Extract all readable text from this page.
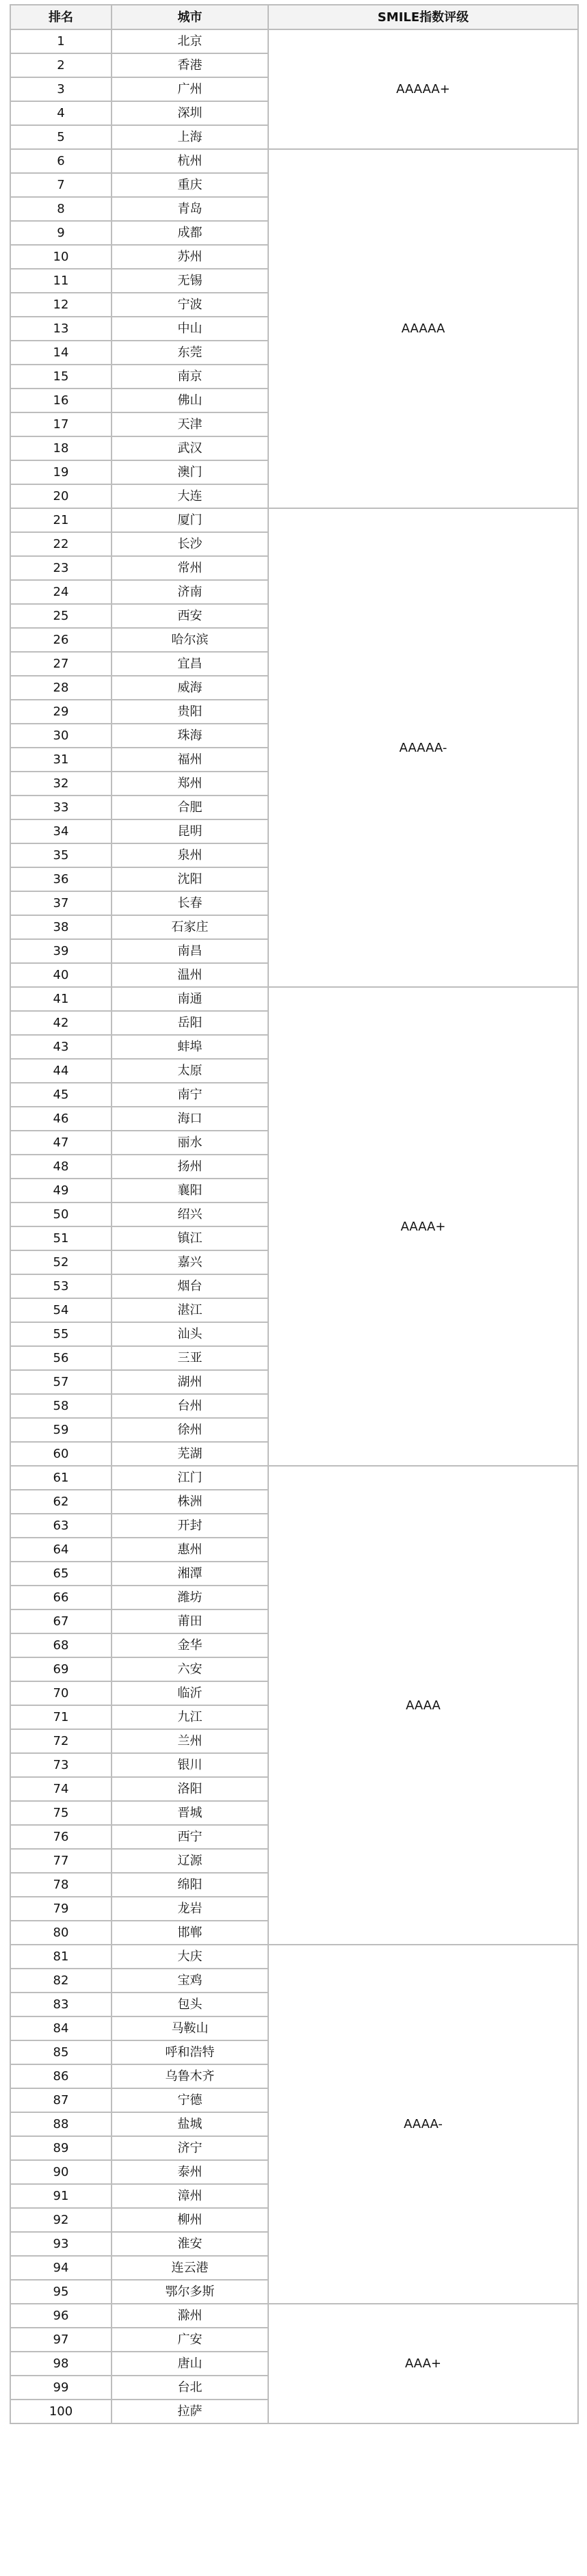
排名	城市	SMILE指数评级
1	北京	AAAAA+
2	香港	
3	广州	
4	深圳	
5	上海	
6	杭州	AAAAA
7	重庆	
8	青岛	
9	成都	
10	苏州	
11	无锡	
12	宁波	
13	中山	
14	东莞	
15	南京	
16	佛山	
17	天津	
18	武汉	
19	澳门	
20	大连	
21	厦门	AAAAA-
22	长沙	
23	常州	
24	济南	
25	西安	
26	哈尔滨	
27	宜昌	
28	威海	
29	贵阳	
30	珠海	
31	福州	
32	郑州	
33	合肥	
34	昆明	
35	泉州	
36	沈阳	
37	长春	
38	石家庄	
39	南昌	
40	温州	
41	南通	AAAA+
42	岳阳	
43	蚌埠	
44	太原	
45	南宁	
46	海口	
47	丽水	
48	扬州	
49	襄阳	
50	绍兴	
51	镇江	
52	嘉兴	
53	烟台	
54	湛江	
55	汕头	
56	三亚	
57	湖州	
58	台州	
59	徐州	
60	芜湖	
61	江门	AAAA
62	株洲	
63	开封	
64	惠州	
65	湘潭	
66	潍坊	
67	莆田	
68	金华	
69	六安	
70	临沂	
71	九江	
72	兰州	
73	银川	
74	洛阳	
75	晋城	
76	西宁	
77	辽源	
78	绵阳	
79	龙岩	
80	邯郸	
81	大庆	AAAA-
82	宝鸡	
83	包头	
84	马鞍山	
85	呼和浩特	
86	乌鲁木齐	
87	宁德	
88	盐城	
89	济宁	
90	泰州	
91	漳州	
92	柳州	
93	淮安	
94	连云港	
95	鄂尔多斯	
96	滁州	AAA+
97	广安	
98	唐山	
99	台北	
100	拉萨	
